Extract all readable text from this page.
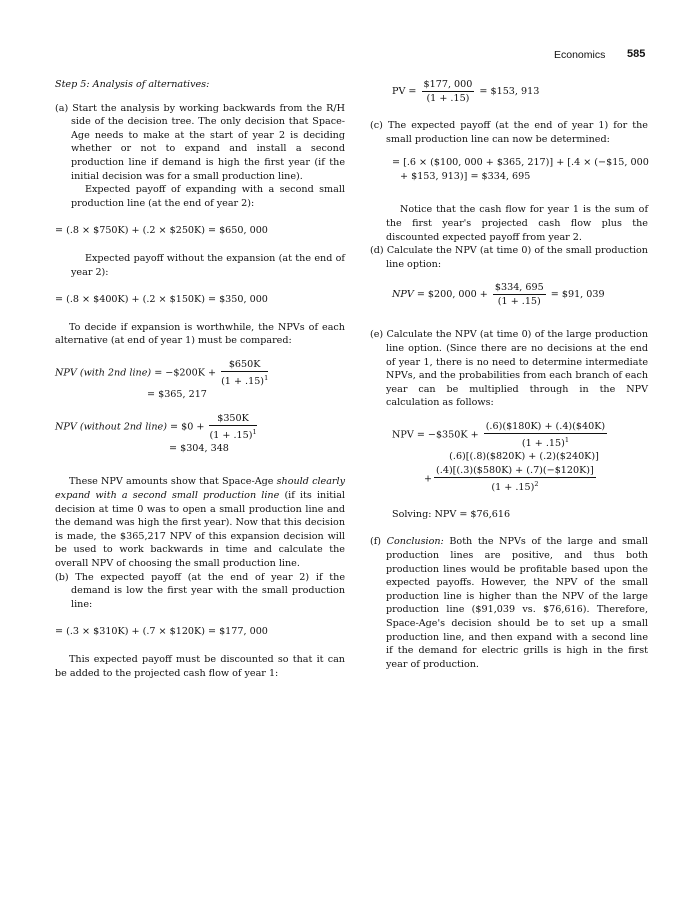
Economics 585

Step 5: Analysis of alternatives:

(a) Start the analysis by working backwards from the R/H side of the decision tree. The only decision that Space-Age needs to make at the start of year 2 is deciding whether or not to expand and install a second production line if demand is high the first year (if the initial decision was for a small production line).

Expected payoff of expanding with a second small production line (at the end of year 2):

= (.8 × $750K) + (.2 × $250K) = $650, 000

Expected payoff without the expansion (at the end of year 2):

= (.8 × $400K) + (.2 × $150K) = $350, 000

To decide if expansion is worthwhile, the NPVs of each alternative (at end of year 1) must be compared:

NPV (with 2nd line) = −$200K + $\frac{\$650K}{(1 + .15)^1}$

= $365, 217

NPV (without 2nd line) = $0 + $\frac{\$350K}{(1 + .15)^1}$

= $304, 348

These NPV amounts show that Space-Age should clearly expand with a second small production line (if its initial decision at time 0 was to open a small production line and the demand was high the first year). Now that this decision is made, the $365,217 NPV of this expansion decision will be used to work backwards in time and calculate the overall NPV of choosing the small production line.

(b) The expected payoff (at the end of year 2) if the demand is low the first year with the small production line:

= (.3 × $310K) + (.7 × $120K) = $177, 000

This expected payoff must be discounted so that it can be added to the projected cash flow of year 1:

PV = $\frac{\$177, 000}{(1 + .15)}$ = $153, 913

(c) The expected payoff (at the end of year 1) for the small production line can now be determined:

= [.6 × ($100, 000 + $365, 217)] + [.4 × (−$15, 000

+ $153, 913)] = $334, 695

Notice that the cash flow for year 1 is the sum of the first year's projected cash flow plus the discounted expected payoff from year 2.

(d) Calculate the NPV (at time 0) of the small production line option:

NPV = $200, $000 + \frac{\$334, 695}{(1 + .15)}$ = $91, 039

(e) Calculate the NPV (at time 0) of the large production line option. (Since there are no decisions at the end of year 1, there is no need to determine intermediate NPVs, and the probabilities from each branch of each year can be multiplied through in the NPV calculation as follows:

NPV = −$350K + $\frac{(.6)(\$180K) + (.4)(\$40K)}{(1 + .15)^1}$

(.6)[(.8)($820K) + (.2)($240K)]

+ $\frac{(.4)[(.3)(\$580K) + (.7)(-\$120K)]}{(1 + .15)^2}$

Solving: NPV = $76,616

(f) Conclusion: Both the NPVs of the large and small production lines are positive, and thus both production lines would be profitable based upon the expected payoffs. However, the NPV of the small production line is higher than the NPV of the large production line ($91,039 vs. $76,616). Therefore, Space-Age's decision should be to set up a small production line, and then expand with a second line if the demand for electric grills is high in the first year of production.
